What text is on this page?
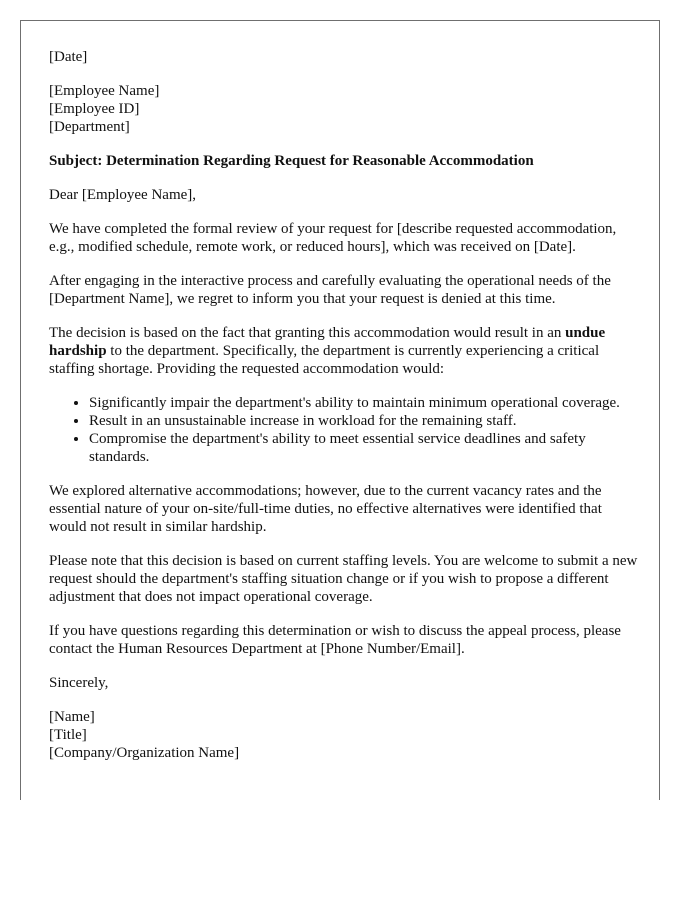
[Date]

[Employee Name]
[Employee ID]
[Department]

Subject: Determination Regarding Request for Reasonable Accommodation

Dear [Employee Name],

We have completed the formal review of your request for [describe requested accommodation, e.g., modified schedule, remote work, or reduced hours], which was received on [Date].

After engaging in the interactive process and carefully evaluating the operational needs of the [Department Name], we regret to inform you that your request is denied at this time.

The decision is based on the fact that granting this accommodation would result in an undue hardship to the department. Specifically, the department is currently experiencing a critical staffing shortage. Providing the requested accommodation would:

• Significantly impair the department's ability to maintain minimum operational coverage.
• Result in an unsustainable increase in workload for the remaining staff.
• Compromise the department's ability to meet essential service deadlines and safety standards.

We explored alternative accommodations; however, due to the current vacancy rates and the essential nature of your on-site/full-time duties, no effective alternatives were identified that would not result in similar hardship.

Please note that this decision is based on current staffing levels. You are welcome to submit a new request should the department's staffing situation change or if you wish to propose a different adjustment that does not impact operational coverage.

If you have questions regarding this determination or wish to discuss the appeal process, please contact the Human Resources Department at [Phone Number/Email].

Sincerely,

[Name]
[Title]
[Company/Organization Name]
